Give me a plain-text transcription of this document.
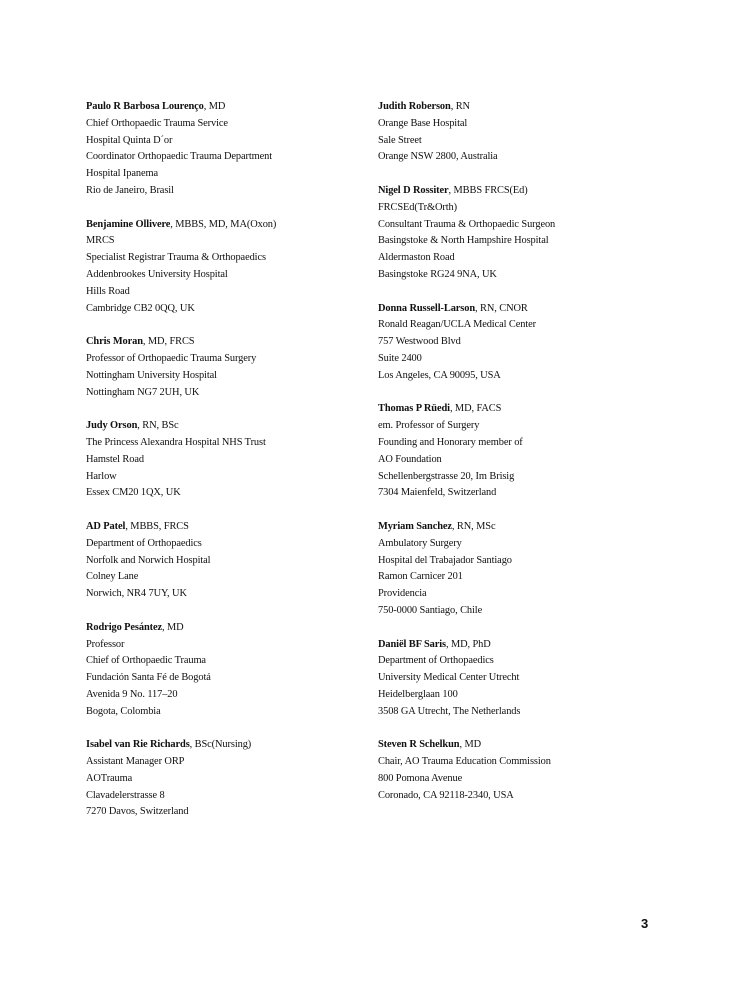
Paulo R Barbosa Lourenço, MD
Chief Orthopaedic Trauma Service
Hospital Quinta D´or
Coordinator Orthopaedic Trauma Department
Hospital Ipanema
Rio de Janeiro, Brasil
Benjamine Ollivere, MBBS, MD, MA(Oxon)
MRCS
Specialist Registrar Trauma & Orthopaedics
Addenbrookes University Hospital
Hills Road
Cambridge CB2 0QQ, UK
Chris Moran, MD, FRCS
Professor of Orthopaedic Trauma Surgery
Nottingham University Hospital
Nottingham NG7 2UH, UK
Judy Orson, RN, BSc
The Princess Alexandra Hospital NHS Trust
Hamstel Road
Harlow
Essex CM20 1QX, UK
AD Patel, MBBS, FRCS
Department of Orthopaedics
Norfolk and Norwich Hospital
Colney Lane
Norwich, NR4 7UY, UK
Rodrigo Pesántez, MD
Professor
Chief of Orthopaedic Trauma
Fundación Santa Fé de Bogotá
Avenida 9 No. 117–20
Bogota, Colombia
Isabel van Rie Richards, BSc(Nursing)
Assistant Manager ORP
AOTrauma
Clavadelerstrasse 8
7270 Davos, Switzerland
Judith Roberson, RN
Orange Base Hospital
Sale Street
Orange NSW 2800, Australia
Nigel D Rossiter, MBBS FRCS(Ed)
FRCSEd(Tr&Orth)
Consultant Trauma & Orthopaedic Surgeon
Basingstoke & North Hampshire Hospital
Aldermaston Road
Basingstoke RG24 9NA, UK
Donna Russell-Larson, RN, CNOR
Ronald Reagan/UCLA Medical Center
757 Westwood Blvd
Suite 2400
Los Angeles, CA 90095, USA
Thomas P Rüedi, MD, FACS
em. Professor of Surgery
Founding and Honorary member of
AO Foundation
Schellenbergstrasse 20, Im Brisig
7304 Maienfeld, Switzerland
Myriam Sanchez, RN, MSc
Ambulatory Surgery
Hospital del Trabajador Santiago
Ramon Carnicer 201
Providencia
750-0000 Santiago, Chile
Daniël BF Saris, MD, PhD
Department of Orthopaedics
University Medical Center Utrecht
Heidelberglaan 100
3508 GA Utrecht, The Netherlands
Steven R Schelkun, MD
Chair, AO Trauma Education Commission
800 Pomona Avenue
Coronado, CA 92118-2340, USA
3
